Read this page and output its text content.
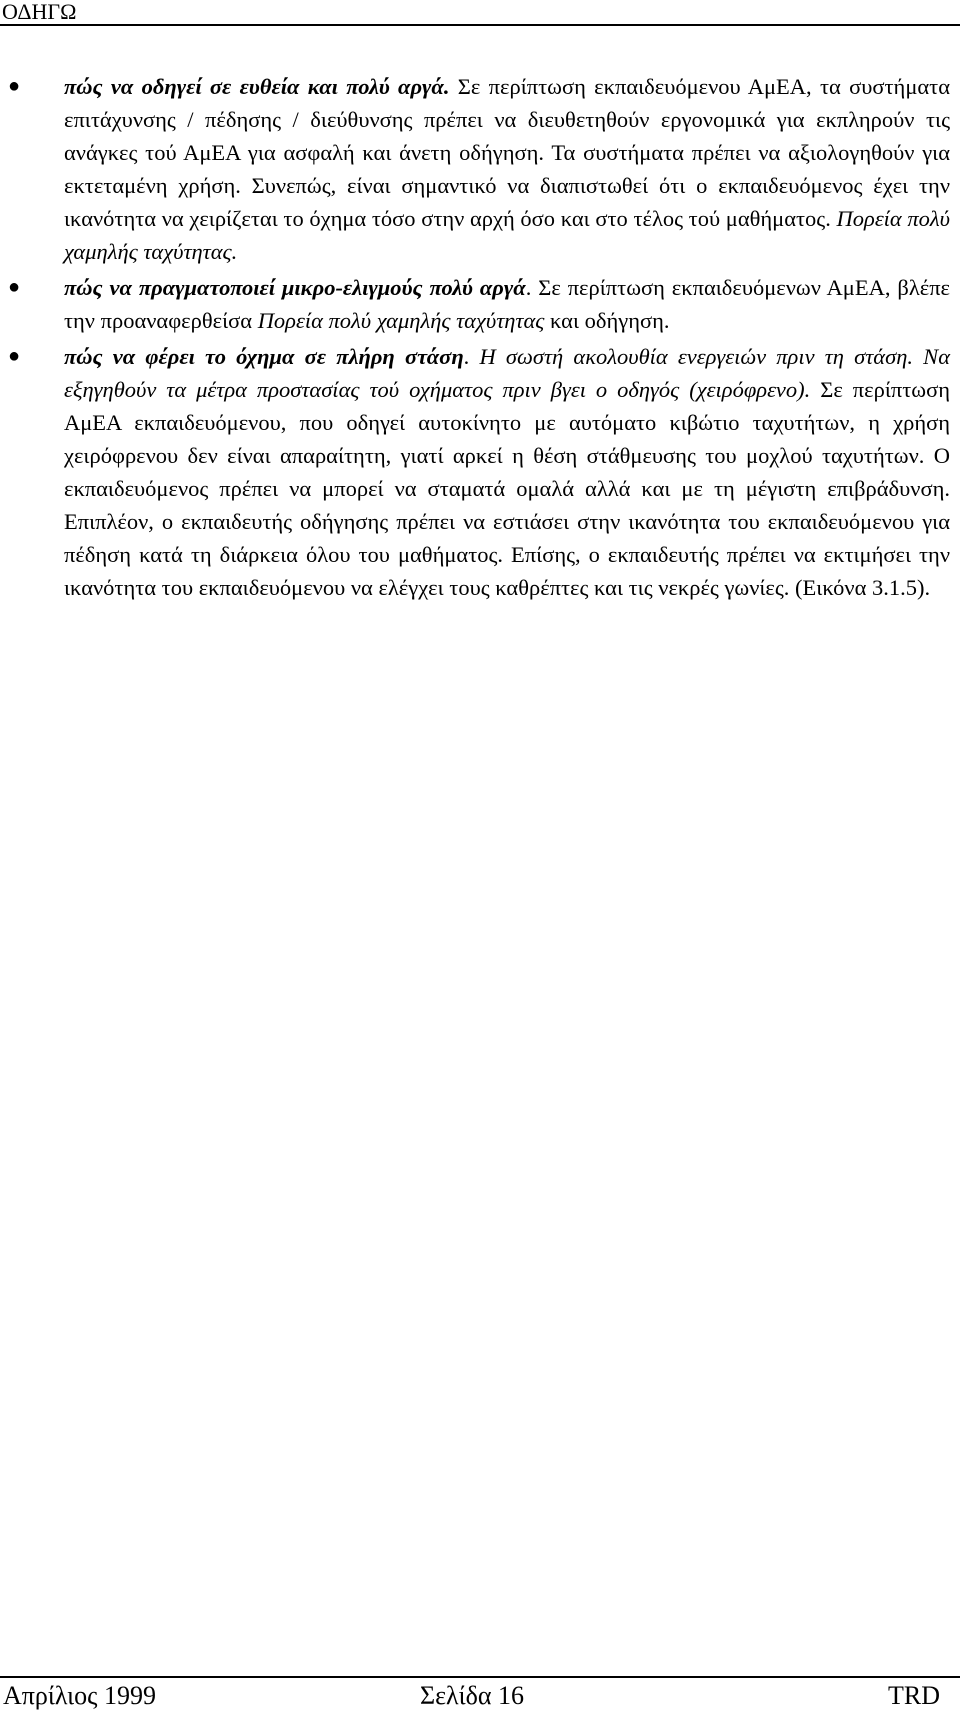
ΟΔΗΓΩ
● πώς να οδηγεί σε ευθεία και πολύ αργά. Σε περίπτωση εκπαιδευόμενου ΑμΕΑ, τα συστήματα επιτάχυνσης / πέδησης / διεύθυνσης πρέπει να διευθετηθούν εργονομικά για εκπληρούν τις ανάγκες τού ΑμΕΑ για ασφαλή και άνετη οδήγηση. Τα συστήματα πρέπει να αξιολογηθούν για εκτεταμένη χρήση. Συνεπώς, είναι σημαντικό να διαπιστωθεί ότι ο εκπαιδευόμενος έχει την ικανότητα να χειρίζεται το όχημα τόσο στην αρχή όσο και στο τέλος τού μαθήματος. Πορεία πολύ χαμηλής ταχύτητας.
● πώς να πραγματοποιεί μικρο-ελιγμούς πολύ αργά. Σε περίπτωση εκπαιδευόμενων ΑμΕΑ, βλέπε την προαναφερθείσα Πορεία πολύ χαμηλής ταχύτητας και οδήγηση.
● πώς να φέρει το όχημα σε πλήρη στάση. Η σωστή ακολουθία ενεργειών πριν τη στάση. Να εξηγηθούν τα μέτρα προστασίας τού οχήματος πριν βγει ο οδηγός (χειρόφρενο). Σε περίπτωση ΑμΕΑ εκπαιδευόμενου, που οδηγεί αυτοκίνητο με αυτόματο κιβώτιο ταχυτήτων, η χρήση χειρόφρενου δεν είναι απαραίτητη, γιατί αρκεί η θέση στάθμευσης του μοχλού ταχυτήτων. Ο εκπαιδευόμενος πρέπει να μπορεί να σταματά ομαλά αλλά και με τη μέγιστη επιβράδυνση. Επιπλέον, ο εκπαιδευτής οδήγησης πρέπει να εστιάσει στην ικανότητα του εκπαιδευόμενου για πέδηση κατά τη διάρκεια όλου του μαθήματος. Επίσης, ο εκπαιδευτής πρέπει να εκτιμήσει την ικανότητα του εκπαιδευόμενου να ελέγχει τους καθρέπτες και τις νεκρές γωνίες. (Εικόνα 3.1.5).
Απρίλιος 1999	Σελίδα 16	TRD
